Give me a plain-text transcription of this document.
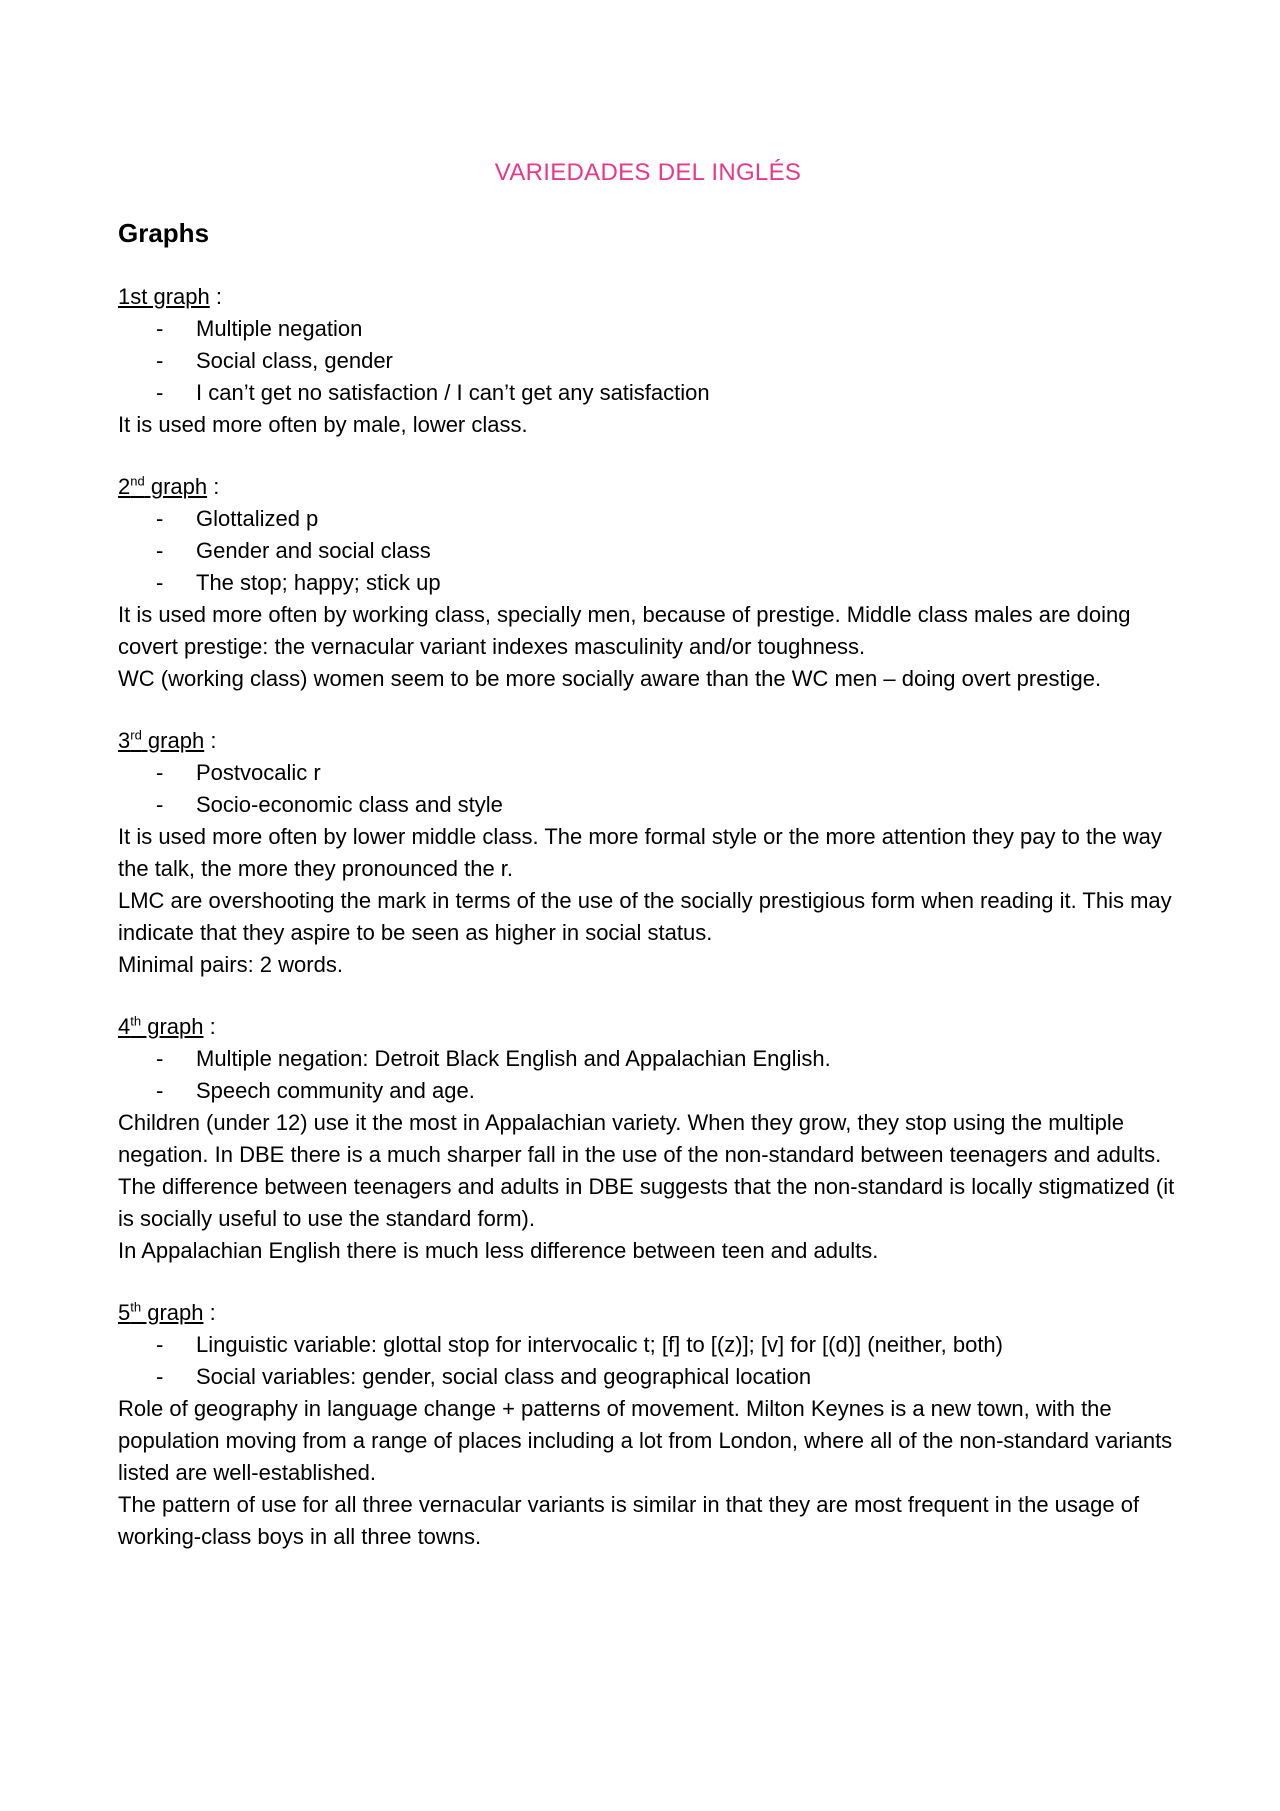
VARIEDADES DEL INGLÉS
Graphs

1st graph :

- Multiple negation
- Social class, gender
- I can’t get no satisfaction / I can’t get any satisfaction

It is used more often by male, lower class.

2nd graph :

- Glottalized p
- Gender and social class
- The stop; happy; stick up

It is used more often by working class, specially men, because of prestige. Middle class males are doing covert prestige: the vernacular variant indexes masculinity and/or toughness.

WC (working class) women seem to be more socially aware than the WC men – doing overt prestige.

3rd graph :

- Postvocalic r
- Socio-economic class and style

It is used more often by lower middle class. The more formal style or the more attention they pay to the way the talk, the more they pronounced the r.

LMC are overshooting the mark in terms of the use of the socially prestigious form when reading it. This may indicate that they aspire to be seen as higher in social status.

Minimal pairs: 2 words.

4th graph :

- Multiple negation: Detroit Black English and Appalachian English.
- Speech community and age.

Children (under 12) use it the most in Appalachian variety. When they grow, they stop using the multiple negation. In DBE there is a much sharper fall in the use of the non-standard between teenagers and adults.

The difference between teenagers and adults in DBE suggests that the non-standard is locally stigmatized (it is socially useful to use the standard form).

In Appalachian English there is much less difference between teen and adults.

5th graph :

- Linguistic variable: glottal stop for intervocalic t; [f] to [(z)]; [v] for [(d)] (neither, both)
- Social variables: gender, social class and geographical location

Role of geography in language change + patterns of movement. Milton Keynes is a new town, with the population moving from a range of places including a lot from London, where all of the non-standard variants listed are well-established.

The pattern of use for all three vernacular variants is similar in that they are most frequent in the usage of working-class boys in all three towns.
